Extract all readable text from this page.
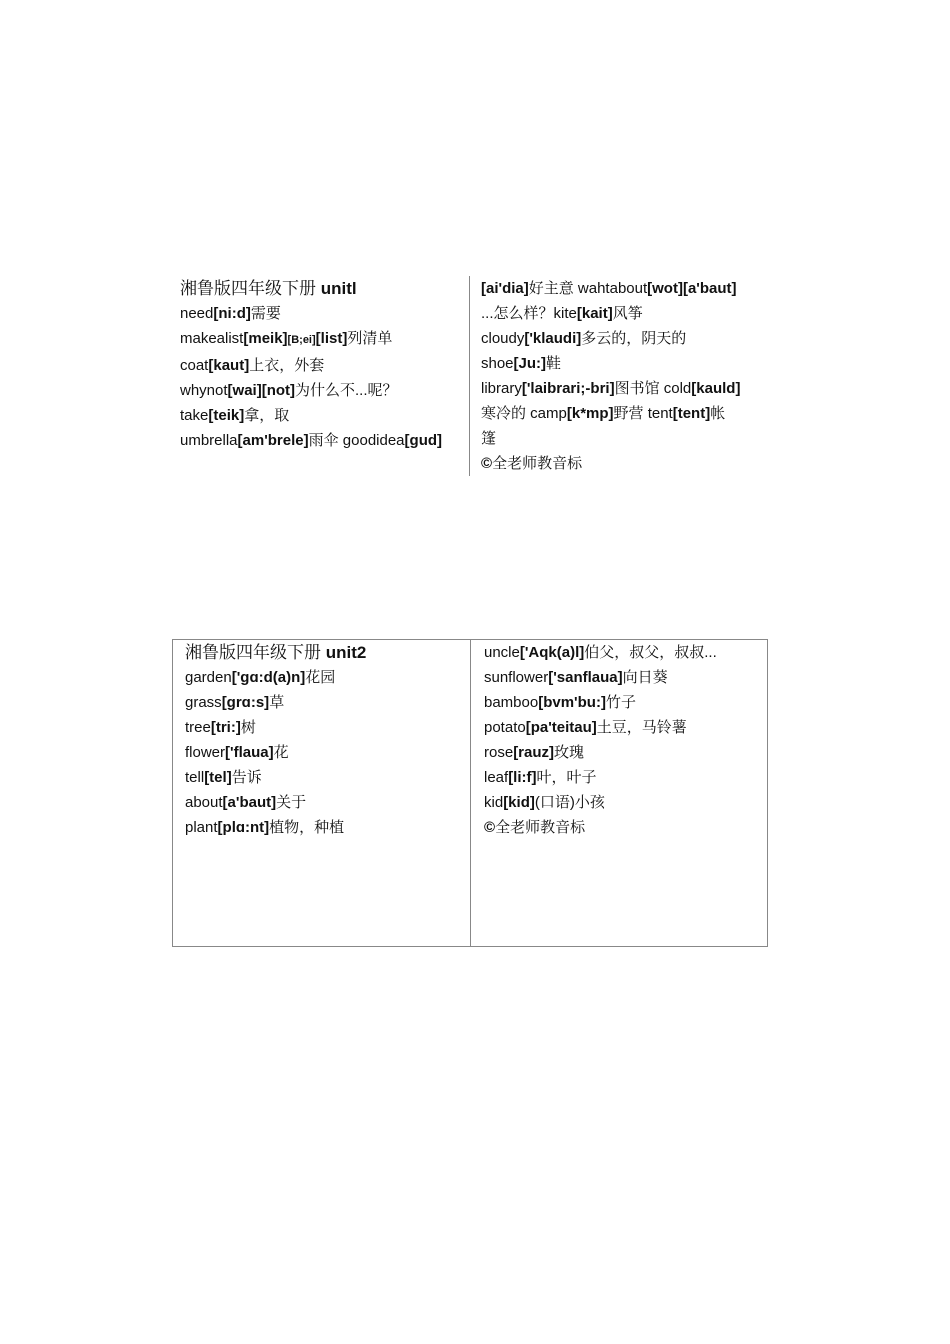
湘鲁版四年级下册 unitl
need[ni:d]需要
makealist[meik][B;ei][list]列清单
coat[kaut]上衣，外套
whynot[wai][not]为什么不...呢？
take[teik]拿，取
umbrella[am'brele]雨伞 goodidea[gud]
[ai'dia]好主意 wahtabout[wot][a'baut]
...怎么样？kite[kait]风筝
cloudy['klaudi]多云的，阴天的
shoe[Ju:]鞋
library['laibrari;-bri]图书馆 cold[kauld]
寒冷的 camp[k*mp]野营 tent[tent]帐
篷
©全老师教音标
湘鲁版四年级下册 unit2
garden['gɑ:d(a)n]花园
grass[grɑ:s]草
tree[tri:]树
flower['flaua]花
tell[tel]告诉
about[a'baut]关于
plant[plɑ:nt]植物，种植
uncle['Aqk(a)l]伯父，叔父，叔叔...
sunflower['sanflaua]向日葵
bamboo[bvm'bu:]竹子
potato[pa'teitau]土豆，马铃薯
rose[rauz]玫瑰
leaf[li:f]叶，叶子
kid[kid](口语)小孩
©全老师教音标
